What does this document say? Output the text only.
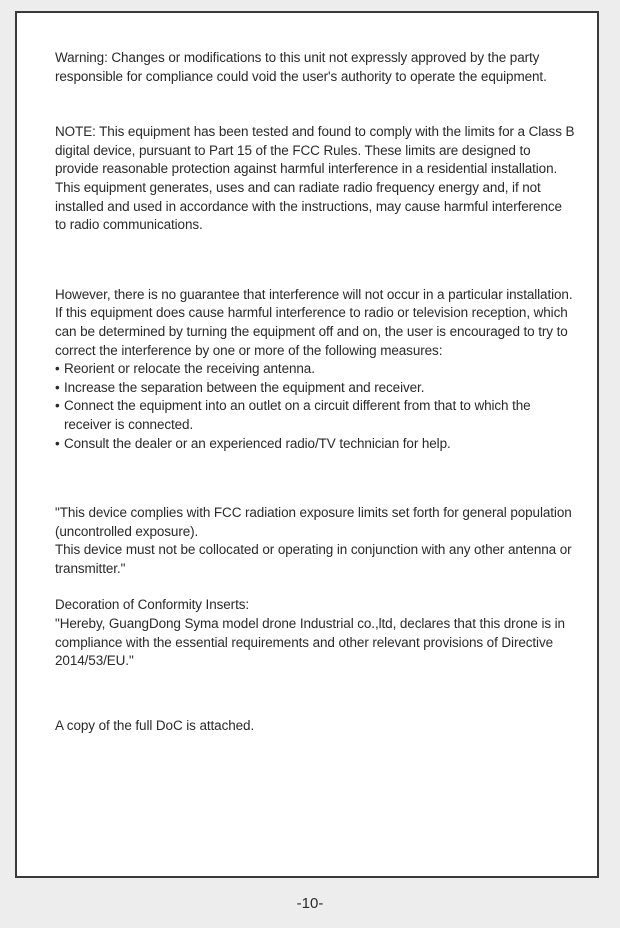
Warning: Changes or modifications to this unit not expressly approved by the party responsible for compliance could void the user's authority to operate the equipment.

NOTE: This equipment has been tested and found to comply with the limits for a Class B digital device, pursuant to Part 15 of the FCC Rules. These limits are designed to provide reasonable protection against harmful interference in a residential installation. This equipment generates, uses and can radiate radio frequency energy and, if not installed and used in accordance with the instructions, may cause harmful interference to radio communications.

However, there is no guarantee that interference will not occur in a particular installation. If this equipment does cause harmful interference to radio or television reception, which can be determined by turning the equipment off and on, the user is encouraged to try to correct the interference by one or more of the following measures:

• Reorient or relocate the receiving antenna.
• Increase the separation between the equipment and receiver.
• Connect the equipment into an outlet on a circuit different from that to which the receiver is connected.
• Consult the dealer or an experienced radio/TV technician for help.

"This device complies with FCC radiation exposure limits set forth for general population (uncontrolled exposure).

This device must not be collocated or operating in conjunction with any other antenna or transmitter."

Decoration of Conformity Inserts:

"Hereby, GuangDong Syma model drone Industrial co.,ltd, declares that this drone is in compliance with the essential requirements and other relevant provisions of Directive 2014/53/EU."

A copy of the full DoC is attached.

-10-
